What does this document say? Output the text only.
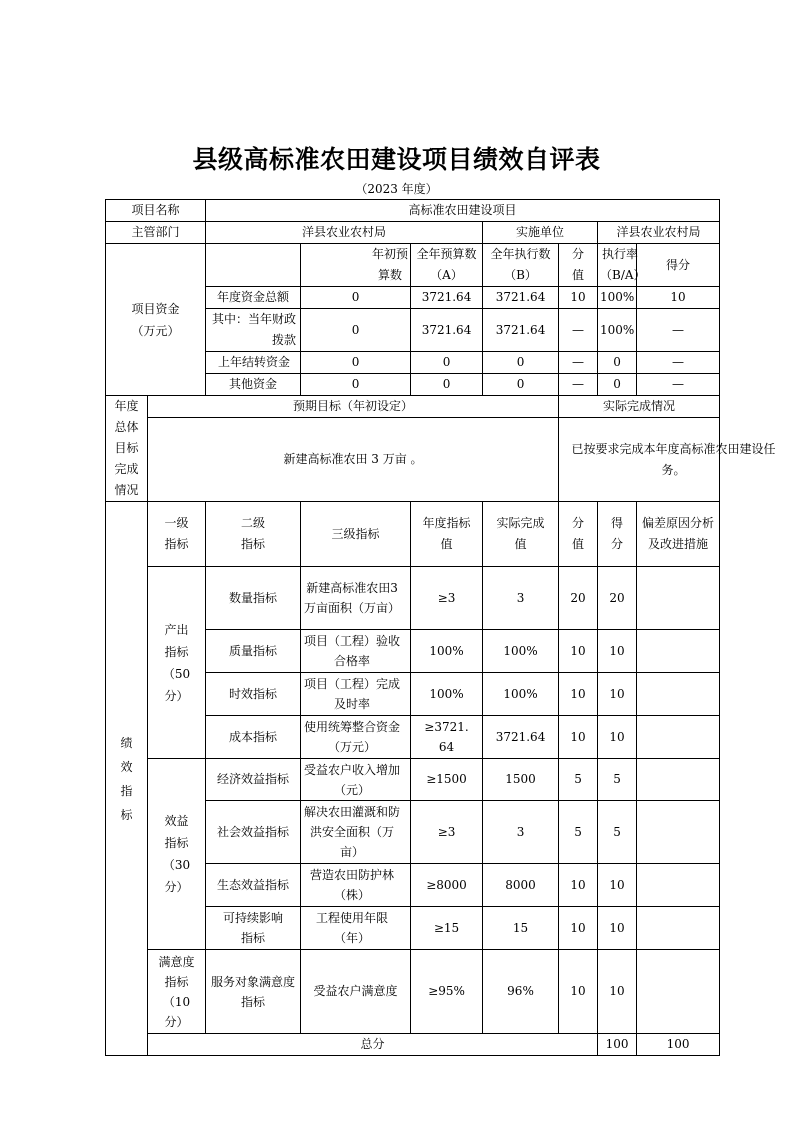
县级高标准农田建设项目绩效自评表
（2023 年度）
项目名称		高标准农田建设项目							
主管部门		洋县农业农村局			实施单位		洋县农业农村局		

项目资金（万元）			年初预算数	全年预算数（A）	全年执行数（B）	分值	执行率（B/A）	得分	
		年度资金总额	0	3721.64	3721.64	10	100%	10	
		其中：当年财政拨款	0	3721.64	3721.64	—	100%	—	
		上年结转资金	0	0	0	—	0	—	
		其他资金	0	0	0	—	0	—	

年度总体目标完成情况	预期目标（年初设定）					实际完成情况			
	新建高标准农田 3 万亩 。					已按要求完成本年度高标准农田建设任务。			

绩效指标	一级指标	二级指标	三级指标	年度指标值	实际完成值	分值	得分	偏差原因分析及改进措施	

	产出指标（50分）	数量指标	新建高标准农田3 万亩面积（万亩）	≥3	3	20	20		
		质量指标	项目（工程）验收合格率	100%	100%	10	10		
		时效指标	项目（工程）完成及时率	100%	100%	10	10		
		成本指标	使用统筹整合资金（万元）	≥3721.64	3721.64	10	10		

	效益指标（30分）	经济效益指标	受益农户收入增加（元）	≥1500	1500	5	5		
		社会效益指标	解决农田灌溉和防洪安全面积（万亩）	≥3	3	5	5		
		生态效益指标	营造农田防护林（株）	≥8000	8000	10	10		

		可持续影响指标	工程使用年限（年）	≥15	15	10	10		

	满意度指标（10分）	服务对象满意度指标	受益农户满意度	≥95%	96%	10	10		
	总分						100	100	
